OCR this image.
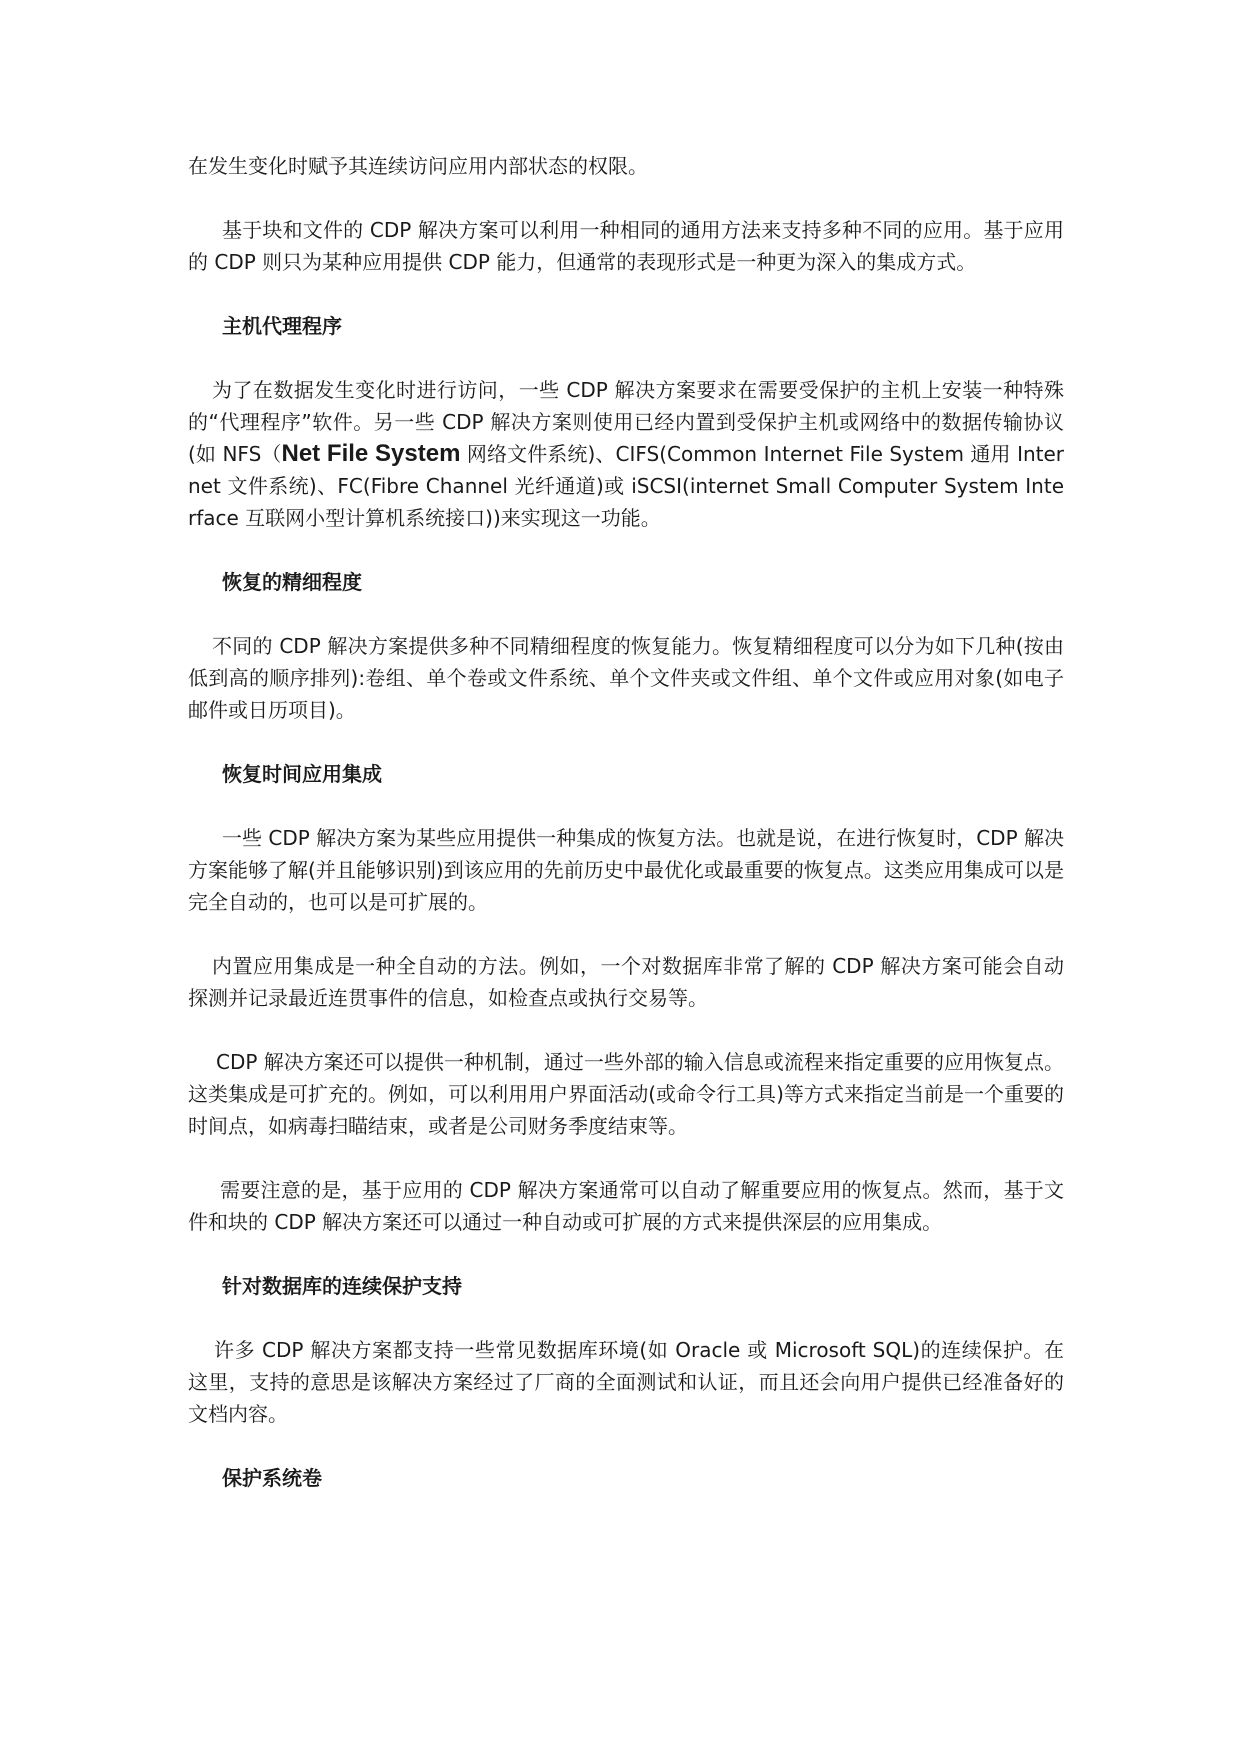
在发生变化时赋予其连续访问应用内部状态的权限。

基于块和文件的 CDP 解决方案可以利用一种相同的通用方法来支持多种不同的应用。基于应用的 CDP 则只为某种应用提供 CDP 能力，但通常的表现形式是一种更为深入的集成方式。

主机代理程序

为了在数据发生变化时进行访问，一些 CDP 解决方案要求在需要受保护的主机上安装一种特殊的“代理程序”软件。另一些 CDP 解决方案则使用已经内置到受保护主机或网络中的数据传输协议(如 NFS（Net File System 网络文件系统)、CIFS(Common Internet File System 通用 Internet 文件系统)、FC(Fibre Channel 光纤通道)或 iSCSI(internet Small Computer System Interface 互联网小型计算机系统接口))来实现这一功能。

恢复的精细程度

不同的 CDP 解决方案提供多种不同精细程度的恢复能力。恢复精细程度可以分为如下几种(按由低到高的顺序排列):卷组、单个卷或文件系统、单个文件夹或文件组、单个文件或应用对象(如电子邮件或日历项目)。

恢复时间应用集成

一些 CDP 解决方案为某些应用提供一种集成的恢复方法。也就是说，在进行恢复时，CDP 解决方案能够了解(并且能够识别)到该应用的先前历史中最优化或最重要的恢复点。这类应用集成可以是完全自动的，也可以是可扩展的。

内置应用集成是一种全自动的方法。例如，一个对数据库非常了解的 CDP 解决方案可能会自动探测并记录最近连贯事件的信息，如检查点或执行交易等。

CDP 解决方案还可以提供一种机制，通过一些外部的输入信息或流程来指定重要的应用恢复点。这类集成是可扩充的。例如，可以利用用户界面活动(或命令行工具)等方式来指定当前是一个重要的时间点，如病毒扫瞄结束，或者是公司财务季度结束等。

需要注意的是，基于应用的 CDP 解决方案通常可以自动了解重要应用的恢复点。然而，基于文件和块的 CDP 解决方案还可以通过一种自动或可扩展的方式来提供深层的应用集成。

针对数据库的连续保护支持

许多 CDP 解决方案都支持一些常见数据库环境(如 Oracle 或 Microsoft SQL)的连续保护。在这里，支持的意思是该解决方案经过了厂商的全面测试和认证，而且还会向用户提供已经准备好的文档内容。

保护系统卷
